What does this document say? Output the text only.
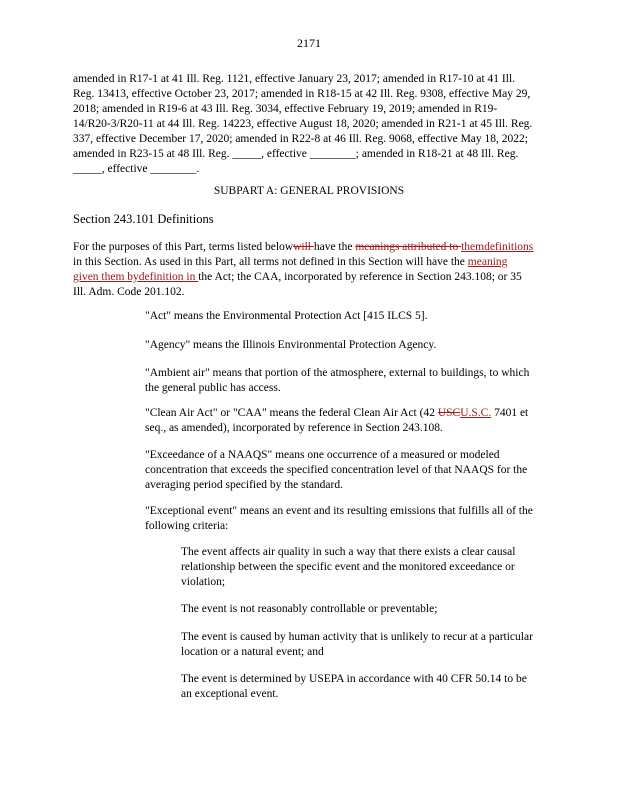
2171
amended in R17-1 at 41 Ill. Reg. 1121, effective January 23, 2017; amended in R17-10 at 41 Ill. Reg. 13413, effective October 23, 2017; amended in R18-15 at 42 Ill. Reg. 9308, effective May 29, 2018; amended in R19-6 at 43 Ill. Reg. 3034, effective February 19, 2019; amended in R19-14/R20-3/R20-11 at 44 Ill. Reg. 14223, effective August 18, 2020; amended in R21-1 at 45 Ill. Reg. 337, effective December 17, 2020; amended in R22-8 at 46 Ill. Reg. 9068, effective May 18, 2022; amended in R23-15 at 48 Ill. Reg. _____, effective ________; amended in R18-21 at 48 Ill. Reg. _____, effective ________.
SUBPART A: GENERAL PROVISIONS
Section 243.101 Definitions
For the purposes of this Part, terms listed belowwill have the meanings attributed to themdefinitions in this Section. As used in this Part, all terms not defined in this Section will have the meaning given them bydefinition in the Act; the CAA, incorporated by reference in Section 243.108; or 35 Ill. Adm. Code 201.102.
"Act" means the Environmental Protection Act [415 ILCS 5].
"Agency" means the Illinois Environmental Protection Agency.
"Ambient air" means that portion of the atmosphere, external to buildings, to which the general public has access.
"Clean Air Act" or "CAA" means the federal Clean Air Act (42 USCU.S.C. 7401 et seq., as amended), incorporated by reference in Section 243.108.
"Exceedance of a NAAQS" means one occurrence of a measured or modeled concentration that exceeds the specified concentration level of that NAAQS for the averaging period specified by the standard.
"Exceptional event" means an event and its resulting emissions that fulfills all of the following criteria:
The event affects air quality in such a way that there exists a clear causal relationship between the specific event and the monitored exceedance or violation;
The event is not reasonably controllable or preventable;
The event is caused by human activity that is unlikely to recur at a particular location or a natural event; and
The event is determined by USEPA in accordance with 40 CFR 50.14 to be an exceptional event.
